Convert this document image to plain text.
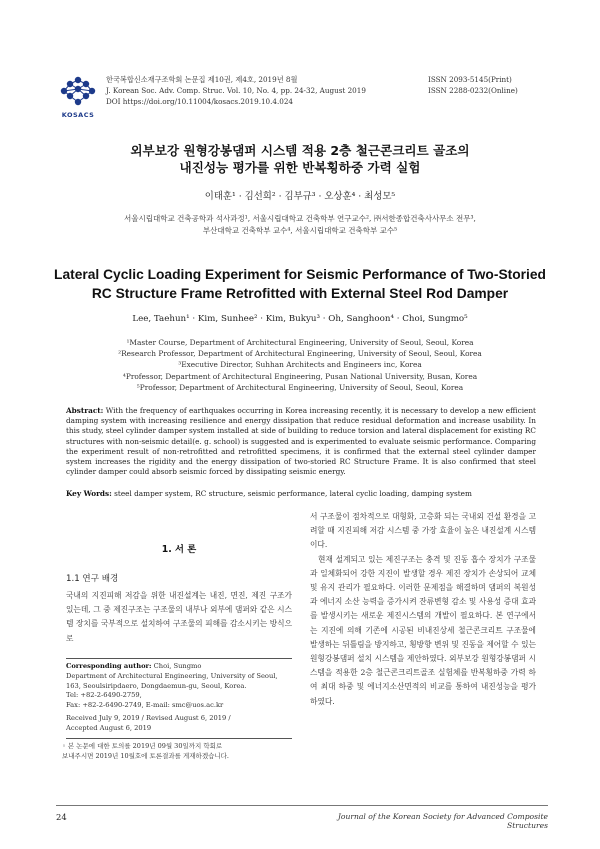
KOSACS
한국복합신소재구조학회 논문집 제10권, 제4호, 2019년 8월
J. Korean Soc. Adv. Comp. Struc. Vol. 10, No. 4, pp. 24-32, August 2019
DOI https://doi.org/10.11004/kosacs.2019.10.4.024
ISSN 2093-5145(Print)
ISSN 2288-0232(Online)
외부보강 원형강봉댐퍼 시스템 적용 2층 철근콘크리트 골조의
내진성능 평가를 위한 반복횡하중 가력 실험
이태훈¹ · 김선희² · 김부규³ · 오상훈⁴ · 최성모⁵
서울시립대학교 건축공학과 석사과정¹, 서울시립대학교 건축학부 연구교수², ㈜서한종합건축사사무소 전무³,
부산대학교 건축학부 교수⁴, 서울시립대학교 건축학부 교수⁵
Lateral Cyclic Loading Experiment for Seismic Performance of Two-Storied
RC Structure Frame Retrofitted with External Steel Rod Damper
Lee, Taehun¹ · Kim, Sunhee² · Kim, Bukyu³ · Oh, Sanghoon⁴ · Choi, Sungmo⁵
¹Master Course, Department of Architectural Engineering, University of Seoul, Seoul, Korea
²Research Professor, Department of Architectural Engineering, University of Seoul, Seoul, Korea
³Executive Director, Suhhan Architects and Engineers inc, Korea
⁴Professor, Department of Architectural Engineering, Pusan National University, Busan, Korea
⁵Professor, Department of Architectural Engineering, University of Seoul, Seoul, Korea
Abstract: With the frequency of earthquakes occurring in Korea increasing recently, it is necessary to develop a new efficient damping system with increasing resilience and energy dissipation that reduce residual deformation and increase usability. In this study, steel cylinder damper system installed at side of building to reduce torsion and lateral displacement for existing RC structures with non-seismic detail(e. g. school) is suggested and is experimented to evaluate seismic performance. Comparing the experiment result of non-retrofitted and retrofitted specimens, it is confirmed that the external steel cylinder damper system increases the rigidity and the energy dissipation of two-storied RC Structure Frame. It is also confirmed that steel cylinder damper could absorb seismic forced by dissipating seismic energy.
Key Words: steel damper system, RC structure, seismic performance, lateral cyclic loading, damping system
1. 서 론
1.1 연구 배경
국내의 지진피해 저감을 위한 내진설계는 내진, 면진, 제진 구조가 있는데, 그 중 제진구조는 구조물의 내부나 외부에 댐퍼와 같은 시스템 장치를 국부적으로 설치하여 구조물의 피해를 감소시키는 방식으로
Corresponding author: Choi, Sungmo
Department of Architectural Engineering, University of Seoul,
163, Seoulsiripdaero, Dongdaemun-gu, Seoul, Korea.
Tel: +82-2-6490-2759,
Fax: +82-2-6490-2749, E-mail: smc@uos.ac.kr
Received July 9, 2019 / Revised August 6, 2019 /
Accepted August 6, 2019
◦ 본 논문에 대한 토의를 2019년 09월 30일까지 학회로
보내주시면 2019년 10월호에 토론결과를 게재하겠습니다.

서 구조물이 점차적으로 대형화, 고층화 되는 국내외 건설 환경을 고려할 때 지진피해 저감 시스템 중 가장 효율이 높은 내진설계 시스템이다.

현재 설계되고 있는 제진구조는 충격 및 진동 흡수 장치가 구조물과 일체화되어 강한 지진이 발생할 경우 제진 장치가 손상되어 교체 및 유지 관리가 필요하다. 이러한 문제점을 해결하며 댐퍼의 복원성과 에너지 소산 능력을 증가시켜 잔류변형 감소 및 사용성 증대 효과를 발생시키는 새로운 제진시스템의 개발이 필요하다. 본 연구에서는 지진에 의해 기존에 시공된 비내진상세 철근콘크리트 구조물에 발생하는 뒤틀림을 방지하고, 횡방향 변위 및 진동을 제어할 수 있는 원형강봉댐퍼 설치 시스템을 제안하였다. 외부보강 원형강봉댐퍼 시스템을 적용한 2층 철근콘크리트골조 실험체를 반복횡하중 가력 하여 최대 하중 및 에너지소산면적의 비교를 통하여 내진성능을 평가하였다.

24	Journal of the Korean Society for Advanced Composite Structures
